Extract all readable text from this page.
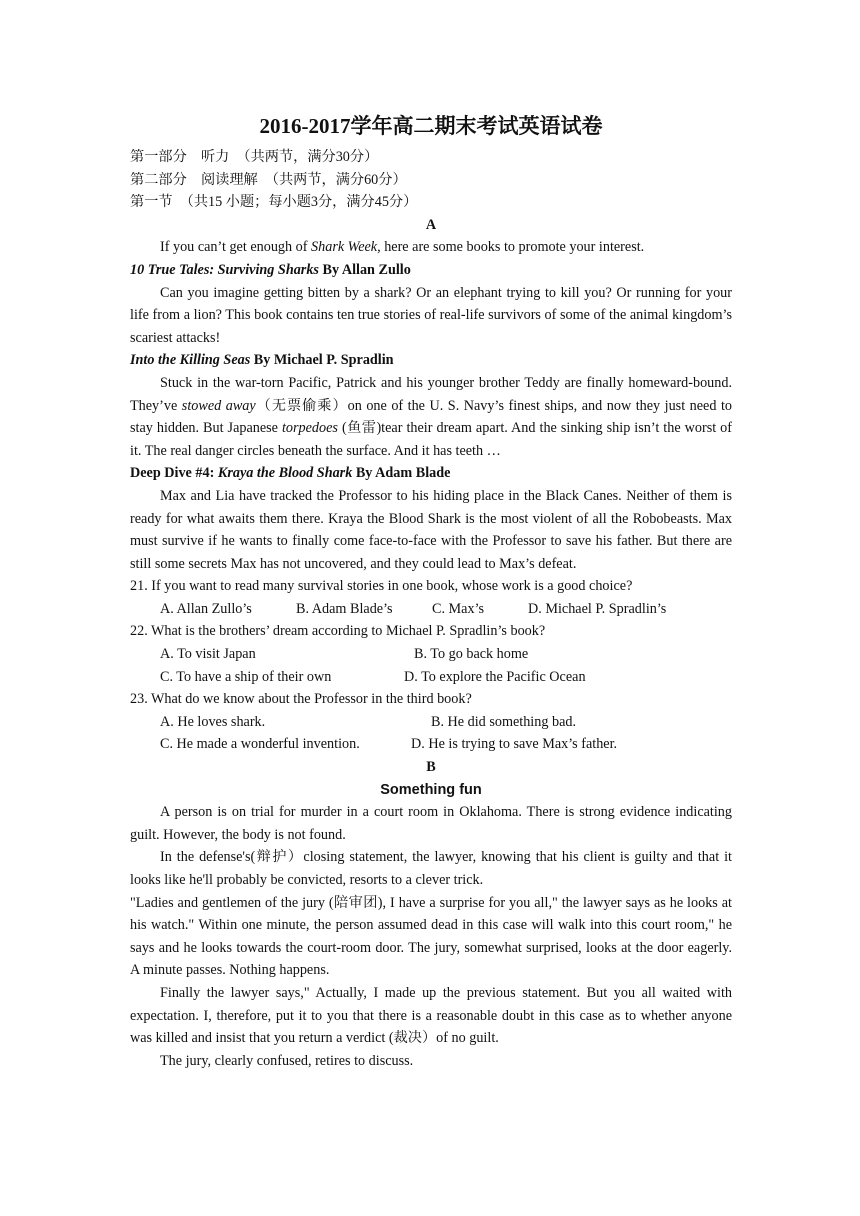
2016-2017学年高二期末考试英语试卷

第一部分　听力　（共两节，满分30分）

第二部分　阅读理解　（共两节，满分60分）

第一节　（共15 小题；每小题3分，满分45分）

A

If you can’t get enough of Shark Week, here are some books to promote your interest.

10 True Tales: Surviving Sharks By Allan Zullo

Can you imagine getting bitten by a shark? Or an elephant trying to kill you? Or running for your life from a lion? This book contains ten true stories of real-life survivors of some of the animal kingdom’s scariest attacks!

Into the Killing Seas By Michael P. Spradlin

Stuck in the war-torn Pacific, Patrick and his younger brother Teddy are finally homeward-bound. They’ve stowed away（无票偷乘）on one of the U. S. Navy’s finest ships, and now they just need to stay hidden. But Japanese torpedoes (鱼雷)tear their dream apart. And the sinking ship isn’t the worst of it. The real danger circles beneath the surface. And it has teeth …

Deep Dive #4: Kraya the Blood Shark By Adam Blade

Max and Lia have tracked the Professor to his hiding place in the Black Canes. Neither of them is ready for what awaits them there. Kraya the Blood Shark is the most violent of all the Robobeasts. Max must survive if he wants to finally come face-to-face with the Professor to save his father. But there are still some secrets Max has not uncovered, and they could lead to Max’s defeat.

21. If you want to read many survival stories in one book, whose work is a good choice?

A. Allan Zullo’s	B. Adam Blade’s	C. Max’s	D. Michael P. Spradlin’s

22. What is the brothers’ dream according to Michael P. Spradlin’s book?

A. To visit Japan	B. To go back home

C. To have a ship of their own	D. To explore the Pacific Ocean

23. What do we know about the Professor in the third book?

A. He loves shark.	B. He did something bad.

C. He made a wonderful invention.	D. He is trying to save Max’s father.

B

Something fun

A person is on trial for murder in a court room in Oklahoma. There is strong evidence indicating guilt. However, the body is not found.

In the defense's(辩护）closing statement, the lawyer, knowing that his client is guilty and that it looks like he'll probably be convicted, resorts to a clever trick.

"Ladies and gentlemen of the jury (陪审团), I have a surprise for you all," the lawyer says as he looks at his watch." Within one minute, the person assumed dead in this case will walk into this court room," he says and he looks towards the court-room door. The jury, somewhat surprised, looks at the door eagerly. A minute passes. Nothing happens.

Finally the lawyer says," Actually, I made up the previous statement. But you all waited with expectation. I, therefore, put it to you that there is a reasonable doubt in this case as to whether anyone was killed and insist that you return a verdict (裁决）of no guilt.

The jury, clearly confused, retires to discuss.
